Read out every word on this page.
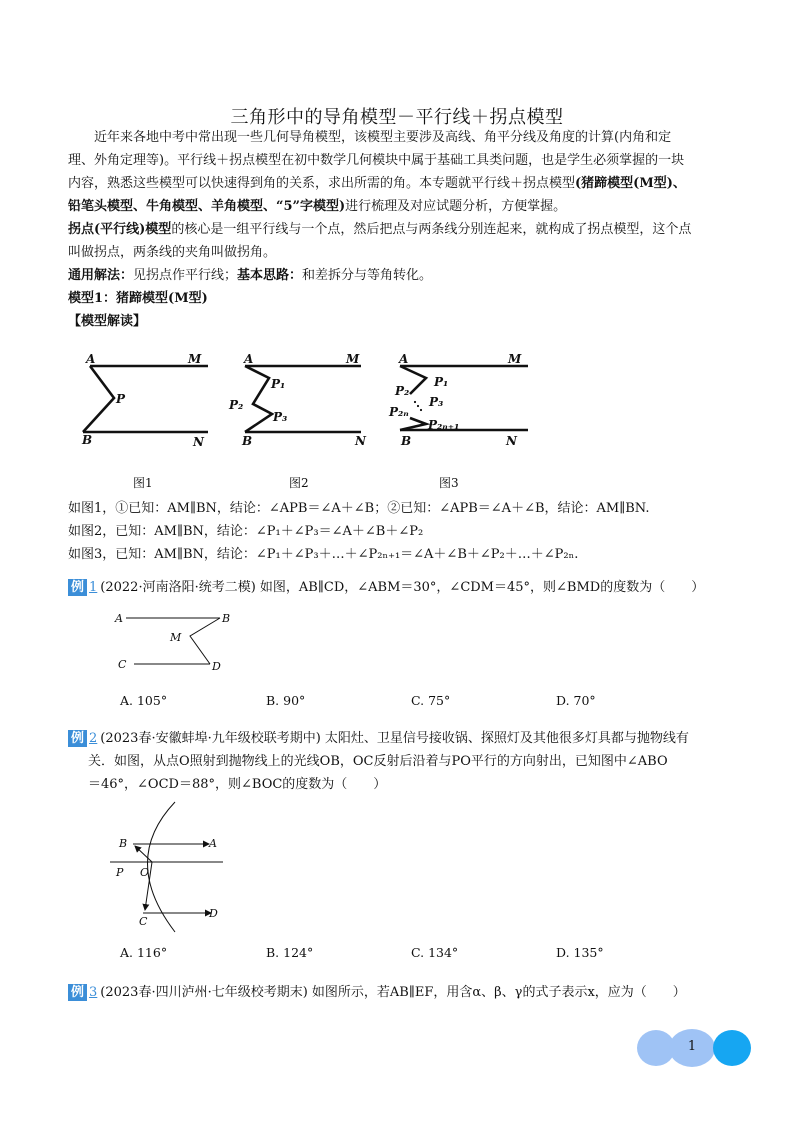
三角形中的导角模型－平行线＋拐点模型
近年来各地中考中常出现一些几何导角模型，该模型主要涉及高线、角平分线及角度的计算(内角和定
理、外角定理等)。平行线＋拐点模型在初中数学几何模块中属于基础工具类问题，也是学生必须掌握的一块
内容，熟悉这些模型可以快速得到角的关系，求出所需的角。本专题就平行线＋拐点模型(猪蹄模型(M型)、
铅笔头模型、牛角模型、羊角模型、“5”字模型)进行梳理及对应试题分析，方便掌握。
拐点(平行线)模型的核心是一组平行线与一个点，然后把点与两条线分别连起来，就构成了拐点模型，这个点
叫做拐点，两条线的夹角叫做拐角。
通用解法：见拐点作平行线；基本思路：和差拆分与等角转化。
模型1：猪蹄模型(M型)
【模型解读】
A	M
P
B	N
A	M
P₁
P₂
P₃
B	N
A	M
P₁
P₂
P₃
P₂ₙ
P₂ₙ₊₁
B	N
图1	图2	图3
如图1，①已知：AM∥BN，结论：∠APB＝∠A＋∠B；②已知：∠APB＝∠A＋∠B，结论：AM∥BN.
如图2，已知：AM∥BN，结论：∠P₁＋∠P₃＝∠A＋∠B＋∠P₂
如图3，已知：AM∥BN，结论：∠P₁＋∠P₃＋…＋∠P₂ₙ₊₁＝∠A＋∠B＋∠P₂＋…＋∠P₂ₙ.
例 1 (2022·河南洛阳·统考二模) 如图，AB∥CD，∠ABM＝30°，∠CDM＝45°，则∠BMD的度数为（　　）
A	B
M
C	D
A. 105°	B. 90°	C. 75°	D. 70°
例 2 (2023春·安徽蚌埠·九年级校联考期中) 太阳灶、卫星信号接收锅、探照灯及其他很多灯具都与抛物线有
关．如图，从点O照射到抛物线上的光线OB，OC反射后沿着与PO平行的方向射出，已知图中∠ABO
＝46°，∠OCD＝88°，则∠BOC的度数为（　　）
B	A
P O
C
D
A. 116°	B. 124°	C. 134°	D. 135°
例 3 (2023春·四川泸州·七年级校考期末) 如图所示，若AB∥EF，用含α、β、γ的式子表示x，应为（　　）
1
